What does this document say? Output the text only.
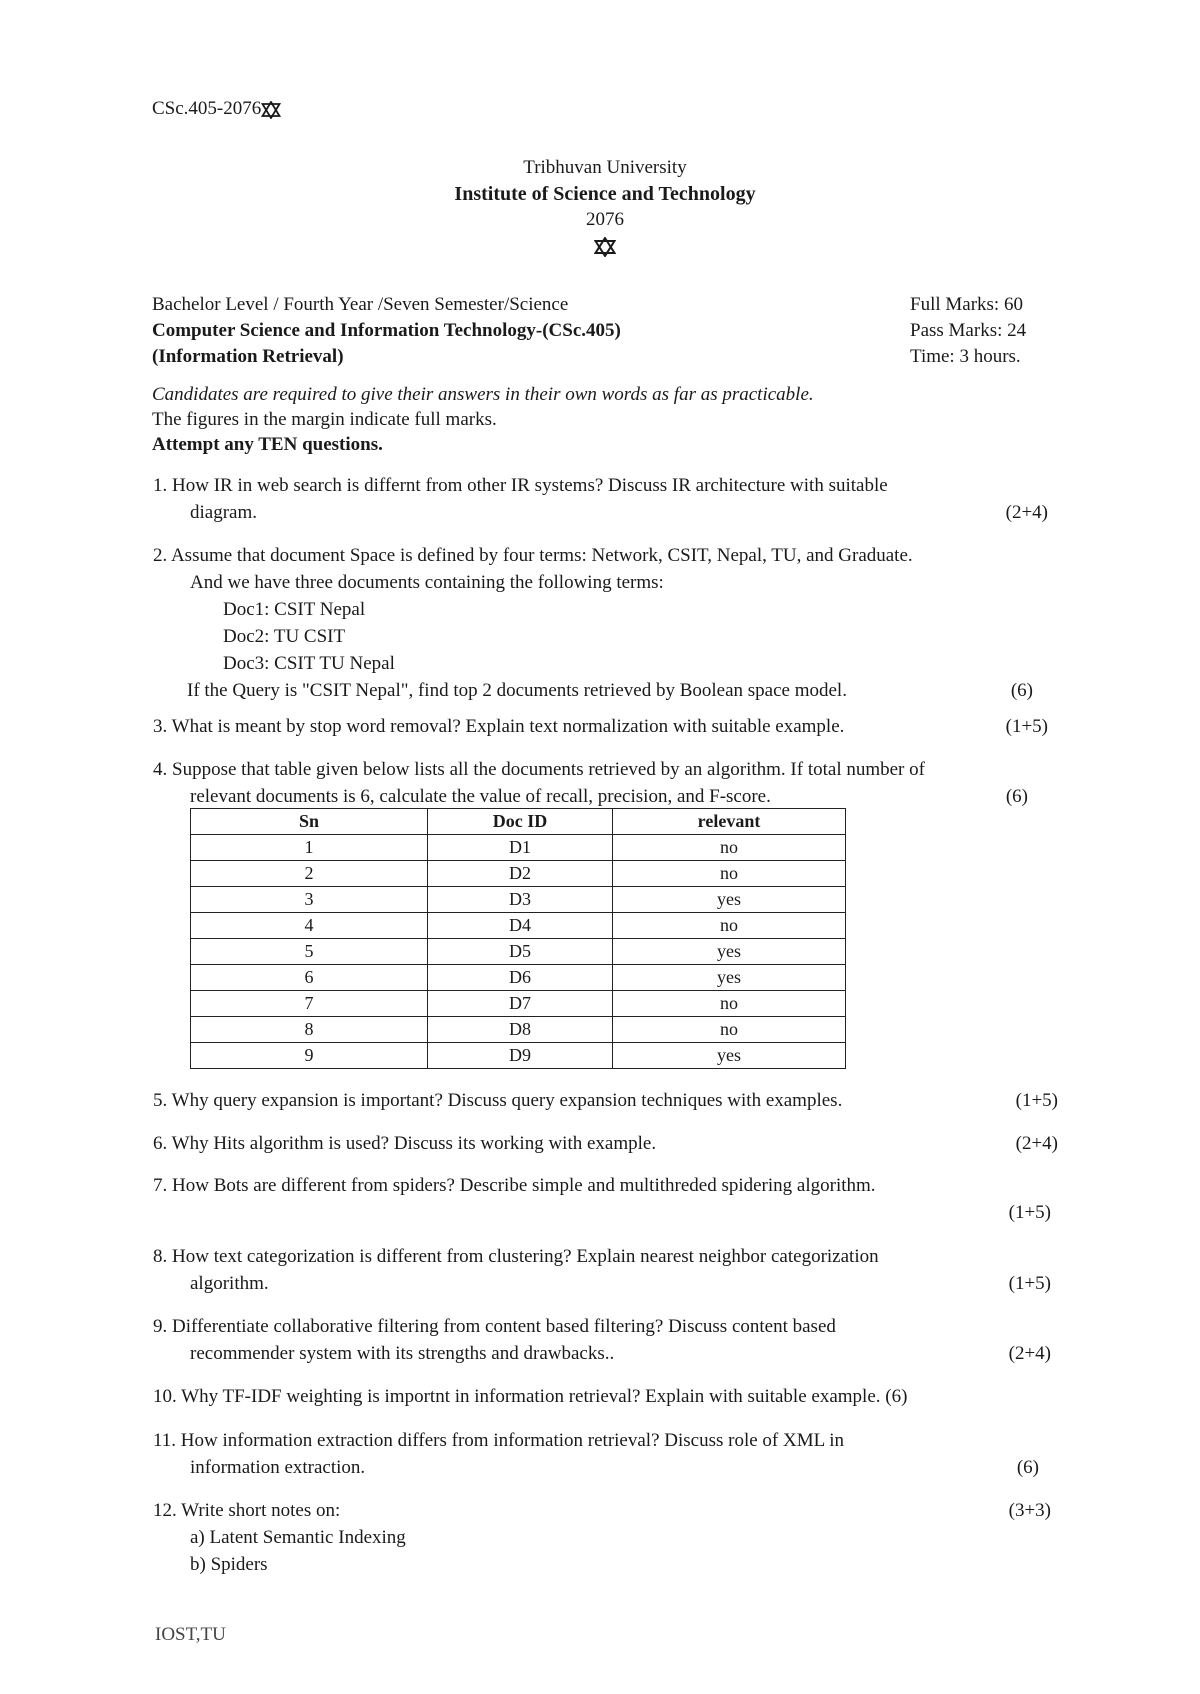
CSc.405-2076
Tribhuvan University
Institute of Science and Technology
2076
Bachelor Level / Fourth Year /Seven Semester/Science
Computer Science and Information Technology-(CSc.405)
(Information Retrieval)
Full Marks: 60
Pass Marks: 24
Time: 3 hours.
Candidates are required to give their answers in their own words as far as practicable.
The figures in the margin indicate full marks.
Attempt any TEN questions.
1. How IR in web search is differnt from other IR systems? Discuss IR architecture with suitable
diagram.	(2+4)
2. Assume that document Space is defined by four terms: Network, CSIT, Nepal, TU, and Graduate.
And we have three documents containing the following terms:
Doc1: CSIT Nepal
Doc2: TU CSIT
Doc3: CSIT TU Nepal
If the Query is "CSIT Nepal", find top 2 documents retrieved by Boolean space model.	(6)
3. What is meant by stop word removal? Explain text normalization with suitable example.	(1+5)
4. Suppose that table given below lists all the documents retrieved by an algorithm. If total number of
relevant documents is 6, calculate the value of recall, precision, and F-score.	(6)
Sn	Doc ID	relevant
1	D1	no
2	D2	no
3	D3	yes
4	D4	no
5	D5	yes
6	D6	yes
7	D7	no
8	D8	no
9	D9	yes
5. Why query expansion is important? Discuss query expansion techniques with examples.	(1+5)
6. Why Hits algorithm is used? Discuss its working with example.	(2+4)
7. How Bots are different from spiders? Describe simple and multithreded spidering algorithm.
(1+5)
8. How text categorization is different from clustering? Explain nearest neighbor categorization
algorithm.	(1+5)
9. Differentiate collaborative filtering from content based filtering? Discuss content based
recommender system with its strengths and drawbacks..	(2+4)
10. Why TF-IDF weighting is importnt in information retrieval? Explain with suitable example. (6)
11. How information extraction differs from information retrieval? Discuss role of XML in
information extraction.	(6)
12. Write short notes on:	(3+3)
a) Latent Semantic Indexing
b) Spiders
IOST,TU
